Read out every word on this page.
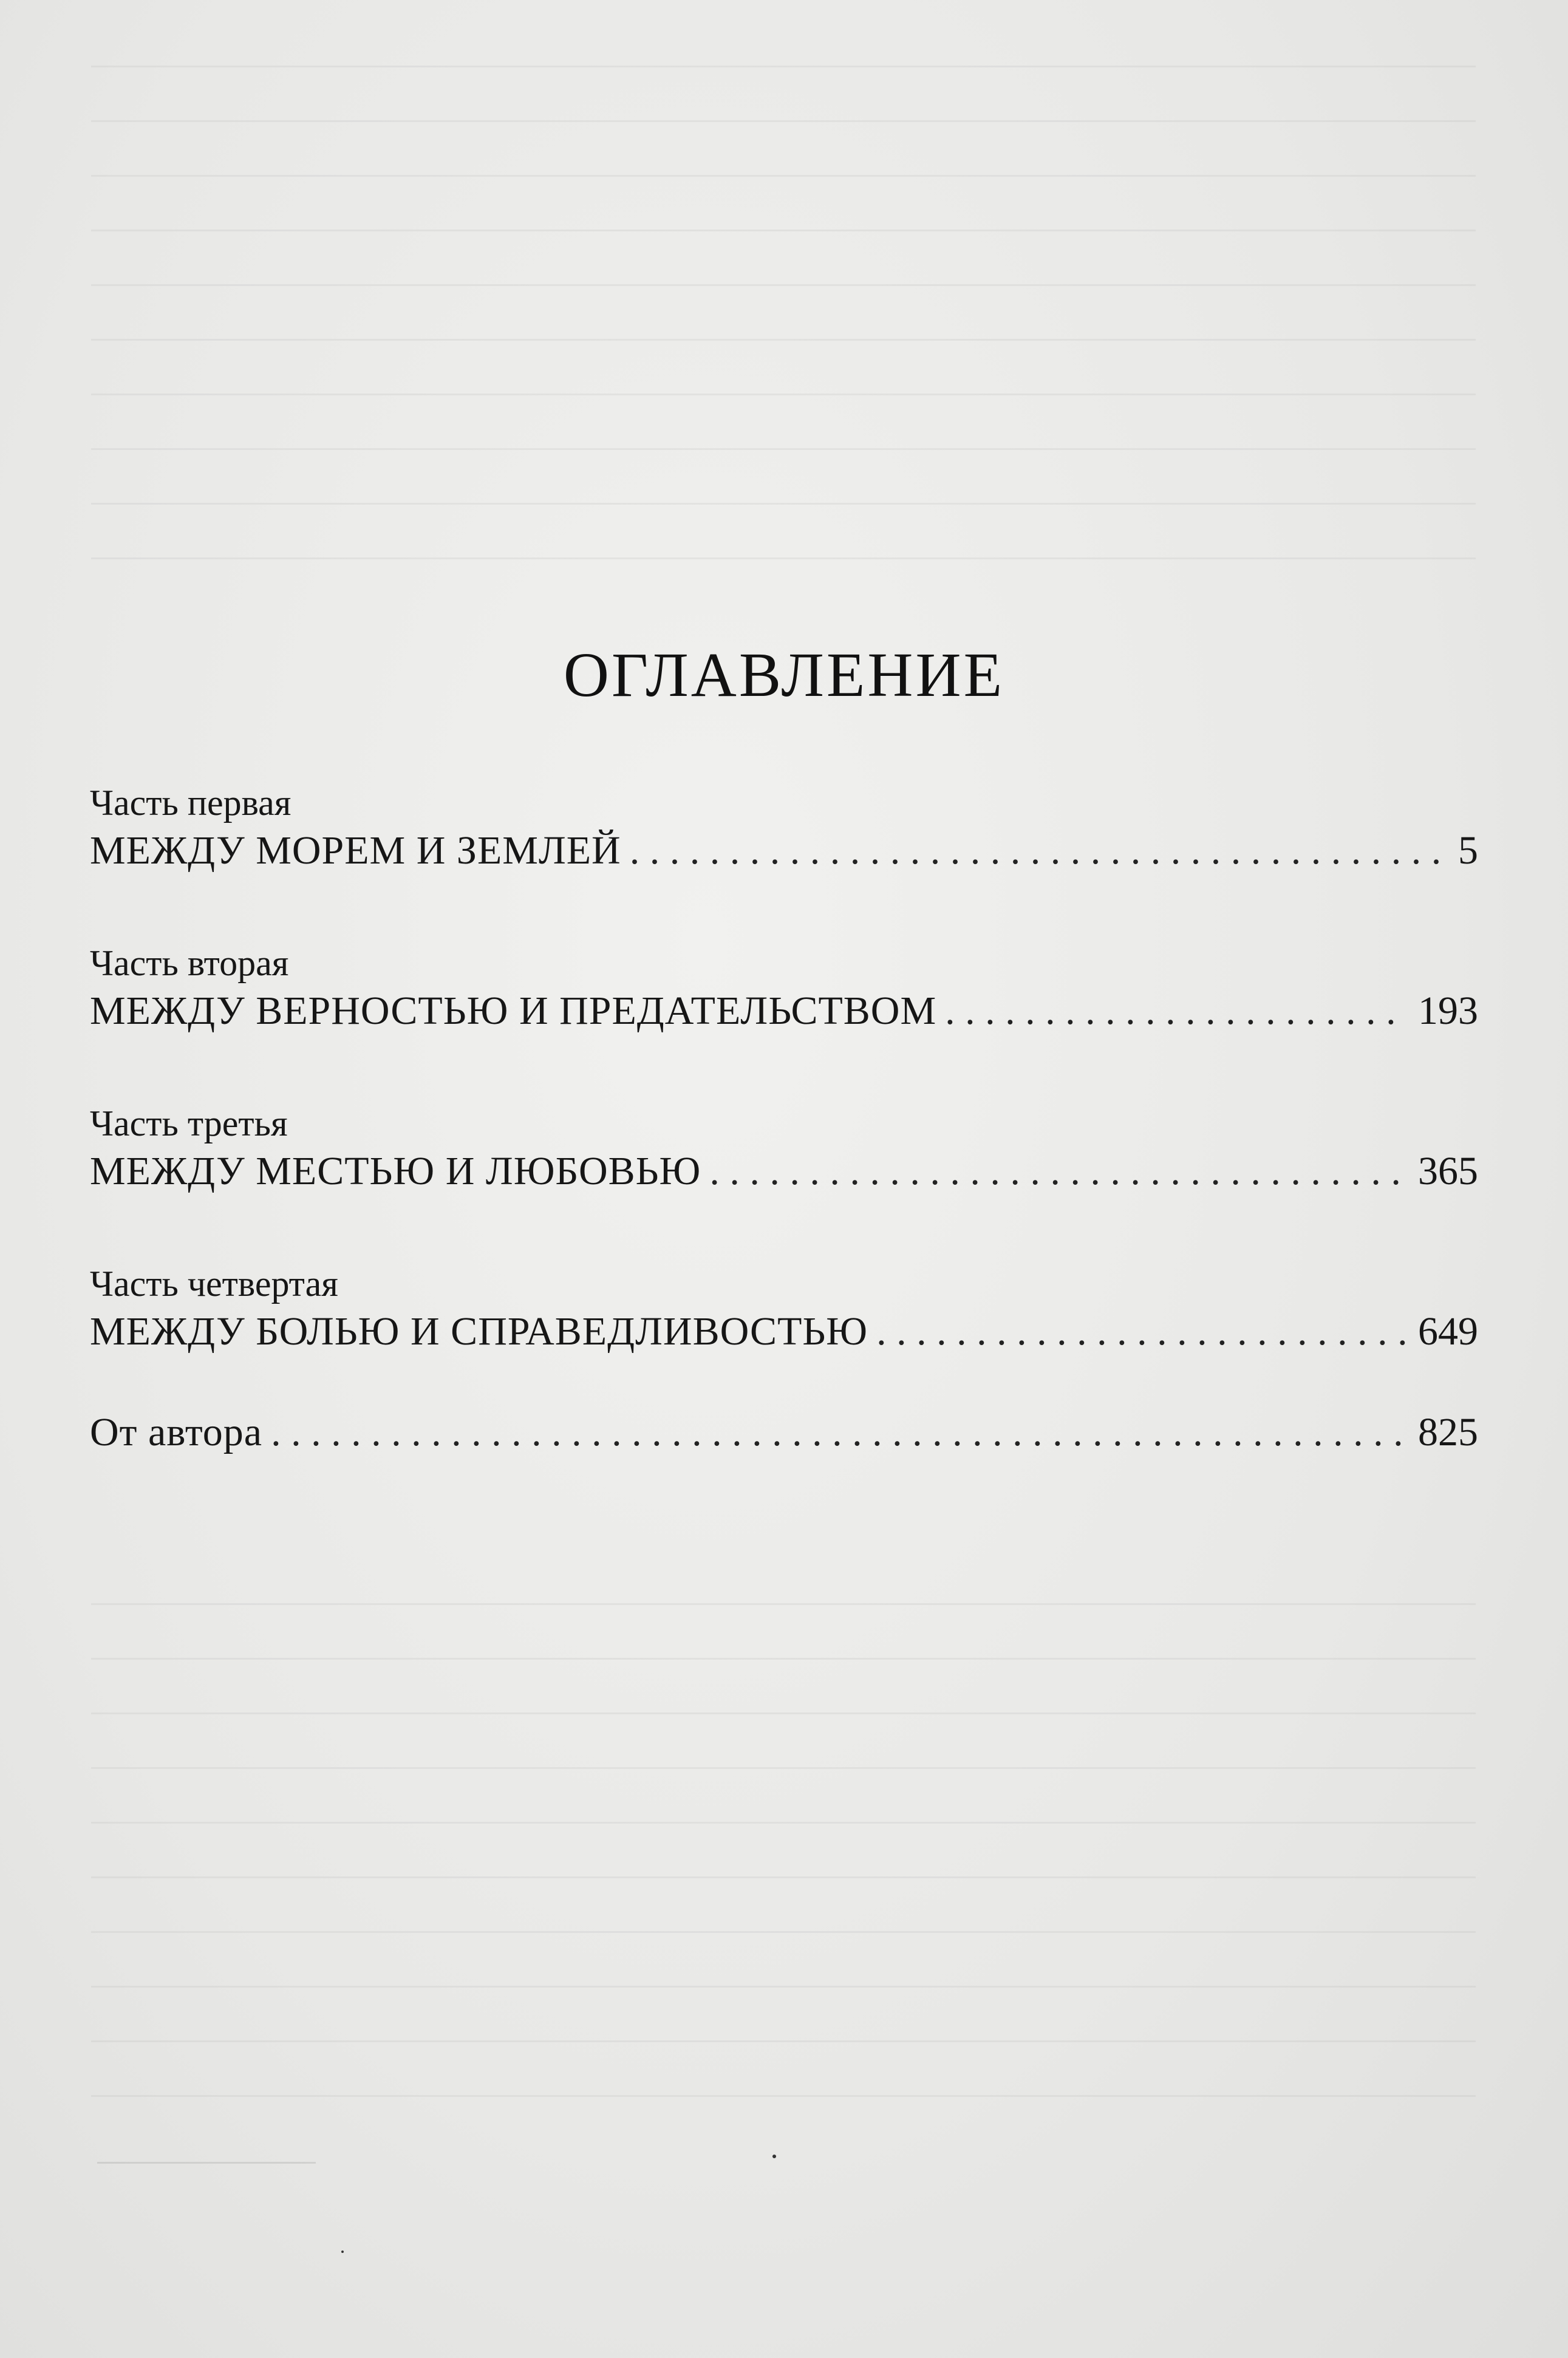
ОГЛАВЛЕНИЕ
Часть первая
МЕЖДУ МОРЕМ И ЗЕМЛЕЙ . . .	5
Часть вторая
МЕЖДУ ВЕРНОСТЬЮ И ПРЕДАТЕЛЬСТВОМ . . .	193
Часть третья
МЕЖДУ МЕСТЬЮ И ЛЮБОВЬЮ . . .	365
Часть четвертая
МЕЖДУ БОЛЬЮ И СПРАВЕДЛИВОСТЬЮ . . .	649
От автора . . .	825
